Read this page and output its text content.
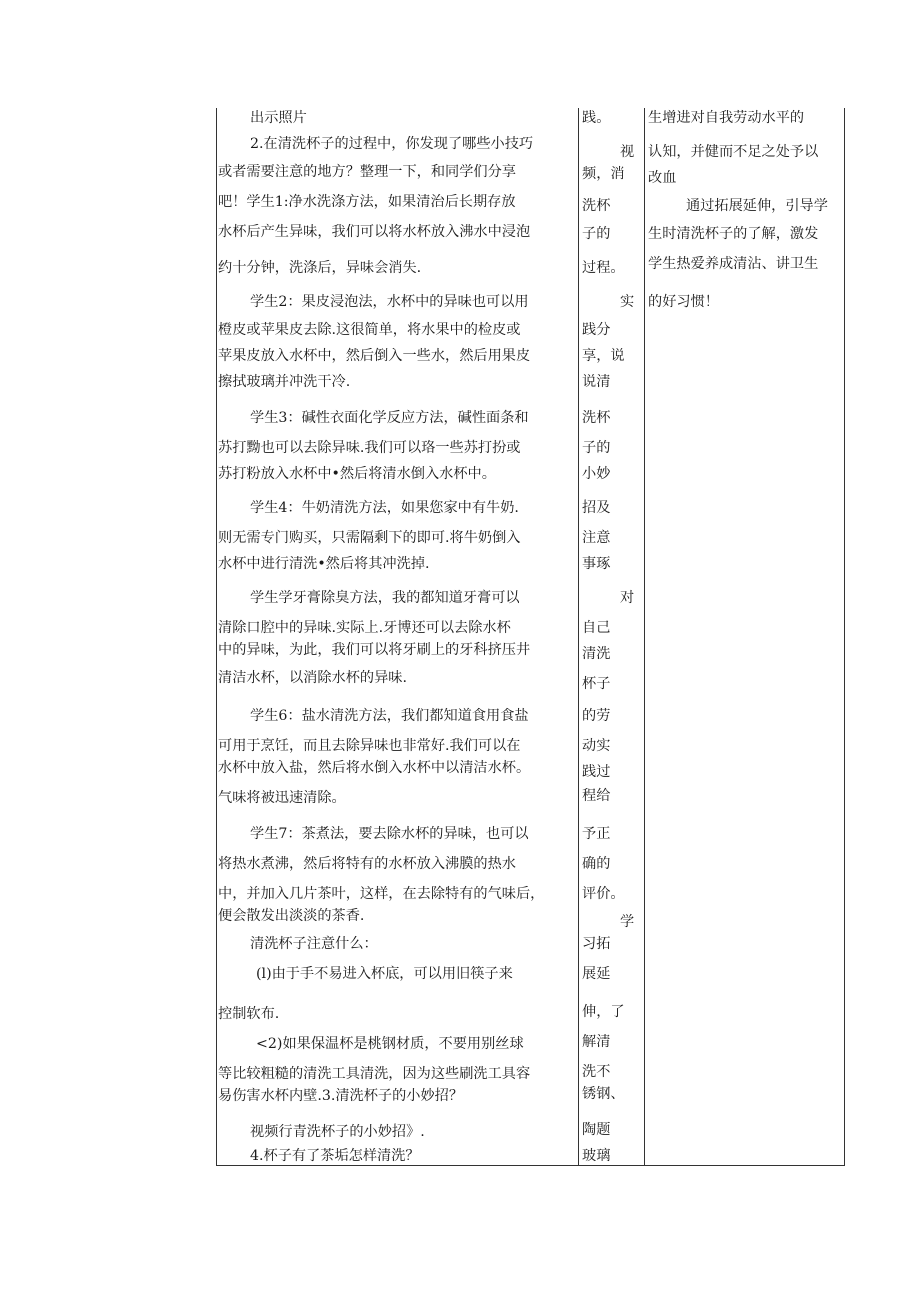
出示照片

2.在清洗杯子的过程中，你发现了哪些小技巧

或者需要注意的地方？整理一下，和同学们分享

吧！学生1:净水洗涤方法，如果清治后长期存放

水杯后产生异味，我们可以将水杯放入沸水中浸泡

约十分钟，洗涤后，异味会消失.

学生2：果皮浸泡法，水杯中的异味也可以用

橙皮或苹果皮去除.这很简单，将水果中的检皮或

苹果皮放入水杯中，然后倒入一些水，然后用果皮

擦拭玻璃并冲洗干冷.

学生3：碱性衣面化学反应方法，碱性面条和

苏打黝也可以去除异味.我们可以珞一些苏打扮或

苏打粉放入水杯中•然后将清水倒入水杯中。

学生4：牛奶清洗方法，如果您家中有牛奶.

则无需专门购买，只需隔剩下的即可.将牛奶倒入

水杯中进行清洗•然后将其冲洗掉.

学生学牙膏除臭方法，我的都知道牙膏可以

清除口腔中的异味.实际上.牙博还可以去除水杯

中的异味，为此，我们可以将牙刷上的牙科挤压井

清洁水杯，以消除水杯的异味.

学生6：盐水清洗方法，我们都知道食用食盐

可用于烹饪，而且去除异味也非常好.我们可以在

水杯中放入盐，然后将水倒入水杯中以清洁水杯。

气味将被迅速清除。

学生7：茶煮法，要去除水杯的异味，也可以

将热水煮沸，然后将特有的水杯放入沸膜的热水

中，并加入几片茶叶，这样，在去除特有的气味后，

便会散发出淡淡的茶香.

清洗杯子注意什么：

(l)由于手不易进入杯底，可以用旧筷子来

控制软布.

<2)如果保温杯是桃钢材质，不要用别丝球

等比较粗糙的清洗工具清洗，因为这些刷洗工具容

易伤害水杯内壁.3.清洗杯子的小妙招？

视频行青洗杯子的小妙招》.

4.杯子有了茶垢怎样清洗？

践。

视

频，消

洗杯

子的

过程。

实

践分

享，说

说清

洗杯

子的

小妙

招及

注意

事琢

对

自己

清洗

杯子

的劳

动实

践过

程给

予正

确的

评价。

学

习拓

展延

伸，了

解清

洗不

锈钢、

陶题

玻璃

生增进对自我劳动水平的

认知，并健而不足之处予以

改血

通过拓展延伸，引导学

生时清洗杯子的了解，激发

学生热爱养成清沾、讲卫生

的好习惯！
